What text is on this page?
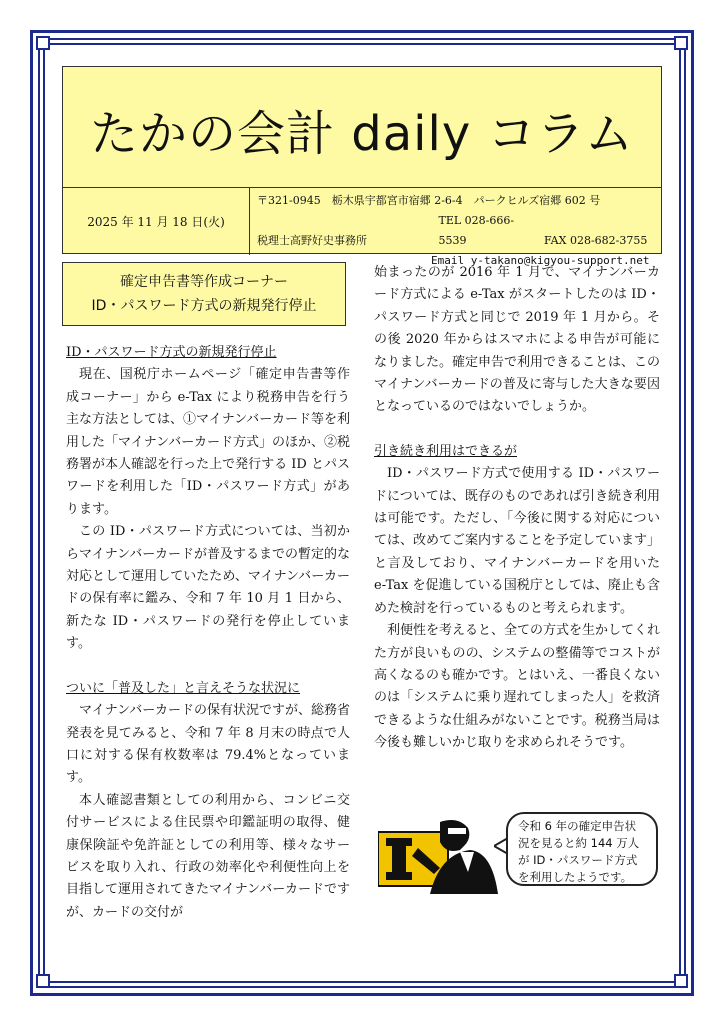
たかの会計 daily コラム
2025 年 11 月 18 日(火)
〒321-0945　栃木県宇都宮市宿郷 2-6-4　パークヒルズ宿郷 602 号
税理士高野好史事務所 TEL 028-666-5539	FAX 028-682-3755
Email y-takano@kigyou-support.net
確定申告書等作成コーナー
ID・パスワード方式の新規発行停止
ID・パスワード方式の新規発行停止

現在、国税庁ホームページ「確定申告書等作成コーナー」から e-Tax により税務申告を行う主な方法としては、①マイナンバーカード等を利用した「マイナンバーカード方式」のほか、②税務署が本人確認を行った上で発行する ID とパスワードを利用した「ID・パスワード方式」があります。

この ID・パスワード方式については、当初からマイナンバーカードが普及するまでの暫定的な対応として運用していたため、マイナンバーカードの保有率に鑑み、令和 7 年 10 月 1 日から、新たな ID・パスワードの発行を停止しています。

ついに「普及した」と言えそうな状況に

マイナンバーカードの保有状況ですが、総務省発表を見てみると、令和 7 年 8 月末の時点で人口に対する保有枚数率は 79.4%となっています。

本人確認書類としての利用から、コンビニ交付サービスによる住民票や印鑑証明の取得、健康保険証や免許証としての利用等、様々なサービスを取り入れ、行政の効率化や利便性向上を目指して運用されてきたマイナンバーカードですが、カードの交付が

始まったのが 2016 年 1 月で、マイナンバーカード方式による e-Tax がスタートしたのは ID・パスワード方式と同じで 2019 年 1 月から。その後 2020 年からはスマホによる申告が可能になりました。確定申告で利用できることは、このマイナンバーカードの普及に寄与した大きな要因となっているのではないでしょうか。

引き続き利用はできるが

ID・パスワード方式で使用する ID・パスワードについては、既存のものであれば引き続き利用は可能です。ただし、「今後に関する対応については、改めてご案内することを予定しています」と言及しており、マイナンバーカードを用いた e-Tax を促進している国税庁としては、廃止も含めた検討を行っているものと考えられます。

利便性を考えると、全ての方式を生かしてくれた方が良いものの、システムの整備等でコストが高くなるのも確かです。とはいえ、一番良くないのは「システムに乗り遅れてしまった人」を救済できるような仕組みがないことです。税務当局は今後も難しいかじ取りを求められそうです。

令和 6 年の確定申告状
況を見ると約 144 万人
が ID・パスワード方式
を利用したようです。
